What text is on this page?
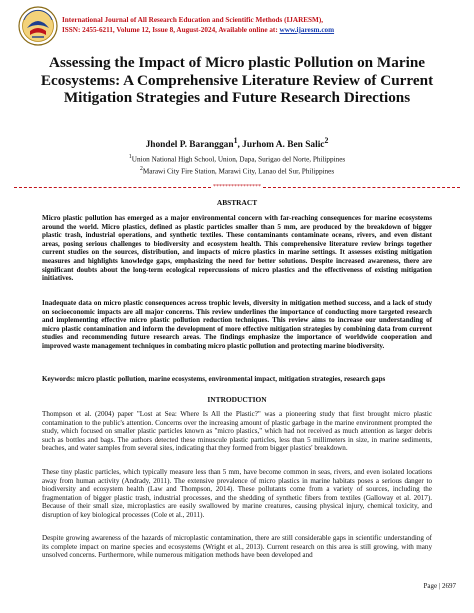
International Journal of All Research Education and Scientific Methods (IJARESM),
ISSN: 2455-6211, Volume 12, Issue 8, August-2024, Available online at: www.ijaresm.com
Assessing the Impact of Micro plastic Pollution on Marine Ecosystems: A Comprehensive Literature Review of Current Mitigation Strategies and Future Research Directions
Jhondel P. Baranggan$^1$, Jurhom A. Ben Salic$^2$
$^1$Union National High School, Union, Dapa, Surigao del Norte, Philippines
$^2$Marawi City Fire Station, Marawi City, Lanao del Sur, Philippines
****************
ABSTRACT

Micro plastic pollution has emerged as a major environmental concern with far-reaching consequences for marine ecosystems around the world. Micro plastics, defined as plastic particles smaller than 5 mm, are produced by the breakdown of bigger plastic trash, industrial operations, and synthetic textiles. These contaminants contaminate oceans, rivers, and even distant areas, posing serious challenges to biodiversity and ecosystem health. This comprehensive literature review brings together current studies on the sources, distribution, and impacts of micro plastics in marine settings. It assesses existing mitigation measures and highlights knowledge gaps, emphasizing the need for better solutions. Despite increased awareness, there are significant doubts about the long-term ecological repercussions of micro plastics and the effectiveness of existing mitigation initiatives.

Inadequate data on micro plastic consequences across trophic levels, diversity in mitigation method success, and a lack of study on socioeconomic impacts are all major concerns. This review underlines the importance of conducting more targeted research and implementing effective micro plastic pollution reduction techniques. This review aims to increase our understanding of micro plastic contamination and inform the development of more effective mitigation strategies by combining data from current studies and recommending future research areas. The findings emphasize the importance of worldwide cooperation and improved waste management techniques in combating micro plastic pollution and protecting marine biodiversity.

Keywords: micro plastic pollution, marine ecosystems, environmental impact, mitigation strategies, research gaps

INTRODUCTION

Thompson et al. (2004) paper "Lost at Sea: Where Is All the Plastic?" was a pioneering study that first brought micro plastic contamination to the public's attention. Concerns over the increasing amount of plastic garbage in the marine environment prompted the study, which focused on smaller plastic particles known as "micro plastics," which had not received as much attention as larger debris such as bottles and bags. The authors detected these minuscule plastic particles, less than 5 millimeters in size, in marine sediments, beaches, and water samples from several sites, indicating that they formed from bigger plastics' breakdown.

These tiny plastic particles, which typically measure less than 5 mm, have become common in seas, rivers, and even isolated locations away from human activity (Andrady, 2011). The extensive prevalence of micro plastics in marine habitats poses a serious danger to biodiversity and ecosystem health (Law and Thompson, 2014). These pollutants come from a variety of sources, including the fragmentation of bigger plastic trash, industrial processes, and the shedding of synthetic fibers from textiles (Galloway et al. 2017). Because of their small size, microplastics are easily swallowed by marine creatures, causing physical injury, chemical toxicity, and disruption of key biological processes (Cole et al., 2011).

Despite growing awareness of the hazards of microplastic contamination, there are still considerable gaps in scientific understanding of its complete impact on marine species and ecosystems (Wright et al., 2013). Current research on this area is still growing, with many unsolved concerns. Furthermore, while numerous mitigation methods have been developed and

Page | 2697
